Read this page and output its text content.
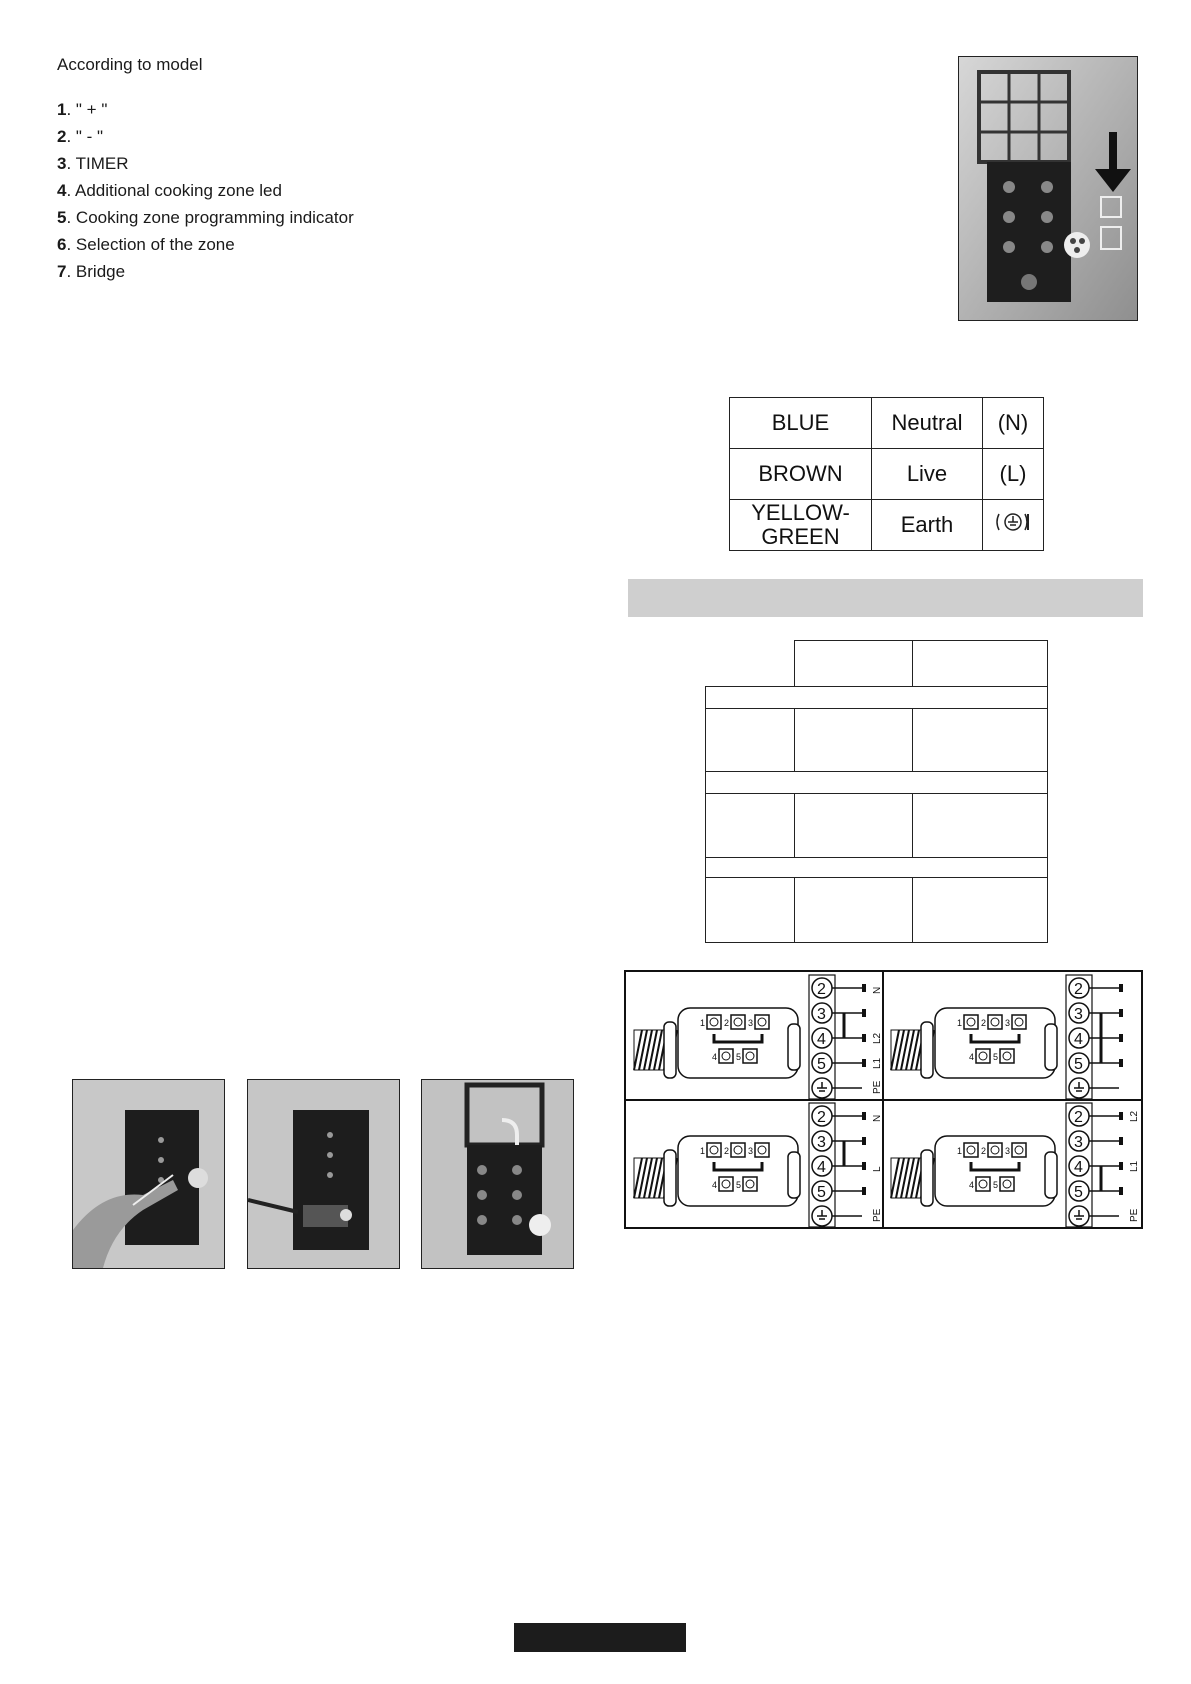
According to model
1. " + "
2. " - "
3. TIMER
4. Additional cooking zone led
5. Cooking zone programming indicator
6. Selection of the zone
7. Bridge
BLUE	Neutral	(N)
BROWN	Live	(L)
YELLOW-
GREEN	Earth	
1 2 3
4 5
2
3
4
5
N
L2
L1
PE
1 2 3
4 5
2
3
4
5
1 2 3
4 5
2
3
4
5
N
L
PE
1 2 3
4 5
2
3
4
5
L2
L1
PE
